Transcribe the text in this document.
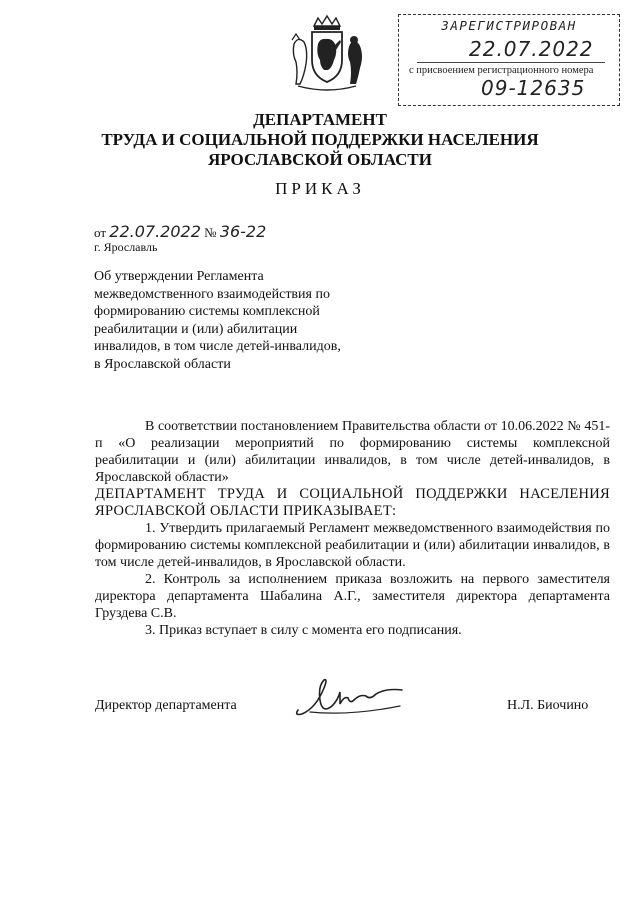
ЗАРЕГИСТРИРОВАН
22.07.2022
с присвоением регистрационного номера
09-12635
ДЕПАРТАМЕНТ
ТРУДА И СОЦИАЛЬНОЙ ПОДДЕРЖКИ НАСЕЛЕНИЯ
ЯРОСЛАВСКОЙ ОБЛАСТИ
ПРИКАЗ
от 22.07.2022 № 36-22
г. Ярославль
Об утверждении Регламента межведомственного взаимодействия по формированию системы комплексной реабилитации и (или) абилитации инвалидов, в том числе детей-инвалидов, в Ярославской области

В соответствии постановлением Правительства области от 10.06.2022 № 451-п «О реализации мероприятий по формированию системы комплексной реабилитации и (или) абилитации инвалидов, в том числе детей-инвалидов, в Ярославской области»

ДЕПАРТАМЕНТ ТРУДА И СОЦИАЛЬНОЙ ПОДДЕРЖКИ НАСЕЛЕНИЯ ЯРОСЛАВСКОЙ ОБЛАСТИ ПРИКАЗЫВАЕТ:

1. Утвердить прилагаемый Регламент межведомственного взаимодействия по формированию системы комплексной реабилитации и (или) абилитации инвалидов, в том числе детей-инвалидов, в Ярославской области.

2. Контроль за исполнением приказа возложить на первого заместителя директора департамента Шабалина А.Г., заместителя директора департамента Груздева С.В.

3. Приказ вступает в силу с момента его подписания.

Директор департамента	Н.Л. Биочино
